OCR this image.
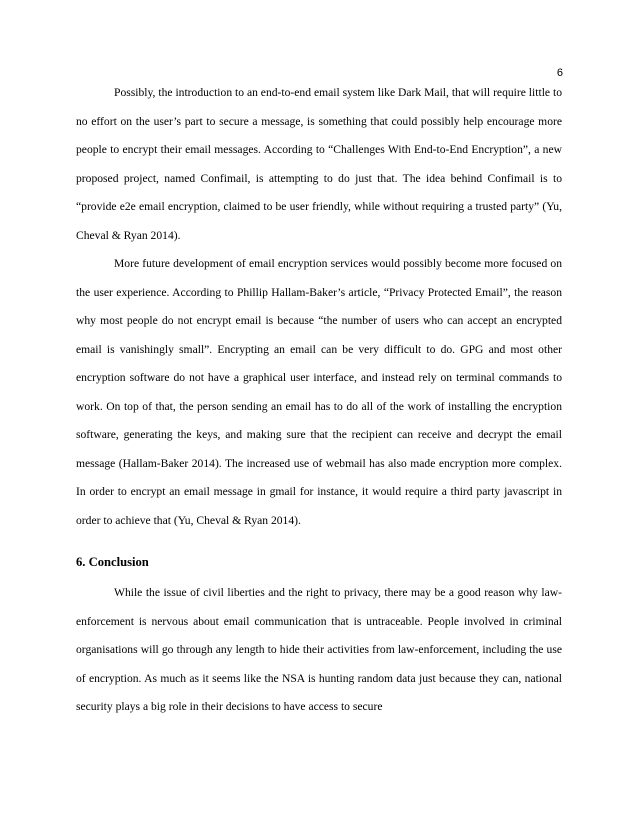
6

Possibly, the introduction to an end-to-end email system like Dark Mail, that will require little to no effort on the user’s part to secure a message, is something that could possibly help encourage more people to encrypt their email messages. According to “Challenges With End-to-End Encryption”, a new proposed project, named Confimail, is attempting to do just that. The idea behind Confimail is to “provide e2e email encryption, claimed to be user friendly, while without requiring a trusted party” (Yu, Cheval & Ryan 2014).

More future development of email encryption services would possibly become more focused on the user experience. According to Phillip Hallam-Baker’s article, “Privacy Protected Email”, the reason why most people do not encrypt email is because “the number of users who can accept an encrypted email is vanishingly small”. Encrypting an email can be very difficult to do. GPG and most other encryption software do not have a graphical user interface, and instead rely on terminal commands to work. On top of that, the person sending an email has to do all of the work of installing the encryption software, generating the keys, and making sure that the recipient can receive and decrypt the email message (Hallam-Baker 2014). The increased use of webmail has also made encryption more complex. In order to encrypt an email message in gmail for instance, it would require a third party javascript in order to achieve that (Yu, Cheval & Ryan 2014).

6. Conclusion

While the issue of civil liberties and the right to privacy, there may be a good reason why law-enforcement is nervous about email communication that is untraceable. People involved in criminal organisations will go through any length to hide their activities from law-enforcement, including the use of encryption. As much as it seems like the NSA is hunting random data just because they can, national security plays a big role in their decisions to have access to secure
